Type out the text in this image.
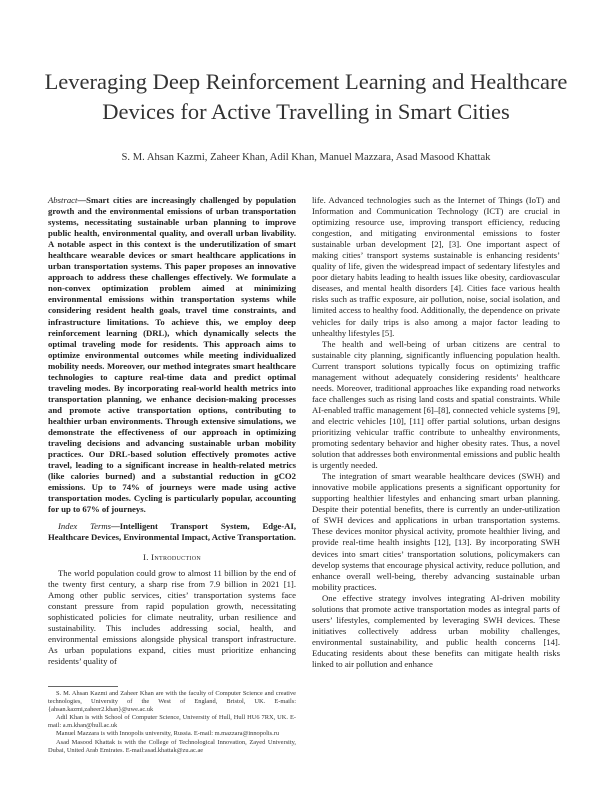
Leveraging Deep Reinforcement Learning and Healthcare Devices for Active Travelling in Smart Cities
S. M. Ahsan Kazmi, Zaheer Khan, Adil Khan, Manuel Mazzara, Asad Masood Khattak

Abstract—Smart cities are increasingly challenged by population growth and the environmental emissions of urban transportation systems, necessitating sustainable urban planning to improve public health, environmental quality, and overall urban livability. A notable aspect in this context is the underutilization of smart healthcare wearable devices or smart healthcare applications in urban transportation systems. This paper proposes an innovative approach to address these challenges effectively. We formulate a non-convex optimization problem aimed at minimizing environmental emissions within transportation systems while considering resident health goals, travel time constraints, and infrastructure limitations. To achieve this, we employ deep reinforcement learning (DRL), which dynamically selects the optimal traveling mode for residents. This approach aims to optimize environmental outcomes while meeting individualized mobility needs. Moreover, our method integrates smart healthcare technologies to capture real-time data and predict optimal traveling modes. By incorporating real-world health metrics into transportation planning, we enhance decision-making processes and promote active transportation options, contributing to healthier urban environments. Through extensive simulations, we demonstrate the effectiveness of our approach in optimizing traveling decisions and advancing sustainable urban mobility practices. Our DRL-based solution effectively promotes active travel, leading to a significant increase in health-related metrics (like calories burned) and a substantial reduction in gCO2 emissions. Up to 74% of journeys were made using active transportation modes. Cycling is particularly popular, accounting for up to 67% of journeys.

Index Terms—Intelligent Transport System, Edge-AI, Healthcare Devices, Environmental Impact, Active Transportation.

I. Introduction

The world population could grow to almost 11 billion by the end of the twenty first century, a sharp rise from 7.9 billion in 2021 [1]. Among other public services, cities’ transportation systems face constant pressure from rapid population growth, necessitating sophisticated policies for climate neutrality, urban resilience and sustainability. This includes addressing social, health, and environmental emissions alongside physical transport infrastructure. As urban populations expand, cities must prioritize enhancing residents’ quality of

S. M. Ahsan Kazmi and Zaheer Khan are with the faculty of Computer Science and creative technologies, University of the West of England, Bristol, UK. E-mails: {ahsan.kazmi,zaheer2.khan}@uwe.ac.uk

Adil Khan is with School of Computer Science, University of Hull, Hull HU6 7RX, UK. E-mail: a.m.khan@hull.ac.uk

Manuel Mazzara is with Innopolis university, Russia. E-mail: m.mazzara@innopolis.ru

Asad Masood Khattak is with the College of Technological Innovation, Zayed University, Dubai, United Arab Emirates. E-mail:asad.khattak@zu.ac.ae

life. Advanced technologies such as the Internet of Things (IoT) and Information and Communication Technology (ICT) are crucial in optimizing resource use, improving transport efficiency, reducing congestion, and mitigating environmental emissions to foster sustainable urban development [2], [3]. One important aspect of making cities’ transport systems sustainable is enhancing residents’ quality of life, given the widespread impact of sedentary lifestyles and poor dietary habits leading to health issues like obesity, cardiovascular diseases, and mental health disorders [4]. Cities face various health risks such as traffic exposure, air pollution, noise, social isolation, and limited access to healthy food. Additionally, the dependence on private vehicles for daily trips is also among a major factor leading to unhealthy lifestyles [5].

The health and well-being of urban citizens are central to sustainable city planning, significantly influencing population health. Current transport solutions typically focus on optimizing traffic management without adequately considering residents’ healthcare needs. Moreover, traditional approaches like expanding road networks face challenges such as rising land costs and spatial constraints. While AI-enabled traffic management [6]–[8], connected vehicle systems [9], and electric vehicles [10], [11] offer partial solutions, urban designs prioritizing vehicular traffic contribute to unhealthy environments, promoting sedentary behavior and higher obesity rates. Thus, a novel solution that addresses both environmental emissions and public health is urgently needed.

The integration of smart wearable healthcare devices (SWH) and innovative mobile applications presents a significant opportunity for supporting healthier lifestyles and enhancing smart urban planning. Despite their potential benefits, there is currently an under-utilization of SWH devices and applications in urban transportation systems. These devices monitor physical activity, promote healthier living, and provide real-time health insights [12], [13]. By incorporating SWH devices into smart cities’ transportation solutions, policymakers can develop systems that encourage physical activity, reduce pollution, and enhance overall well-being, thereby advancing sustainable urban mobility practices.

One effective strategy involves integrating AI-driven mobility solutions that promote active transportation modes as integral parts of users’ lifestyles, complemented by leveraging SWH devices. These initiatives collectively address urban mobility challenges, environmental sustainability, and public health concerns [14]. Educating residents about these benefits can mitigate health risks linked to air pollution and enhance
